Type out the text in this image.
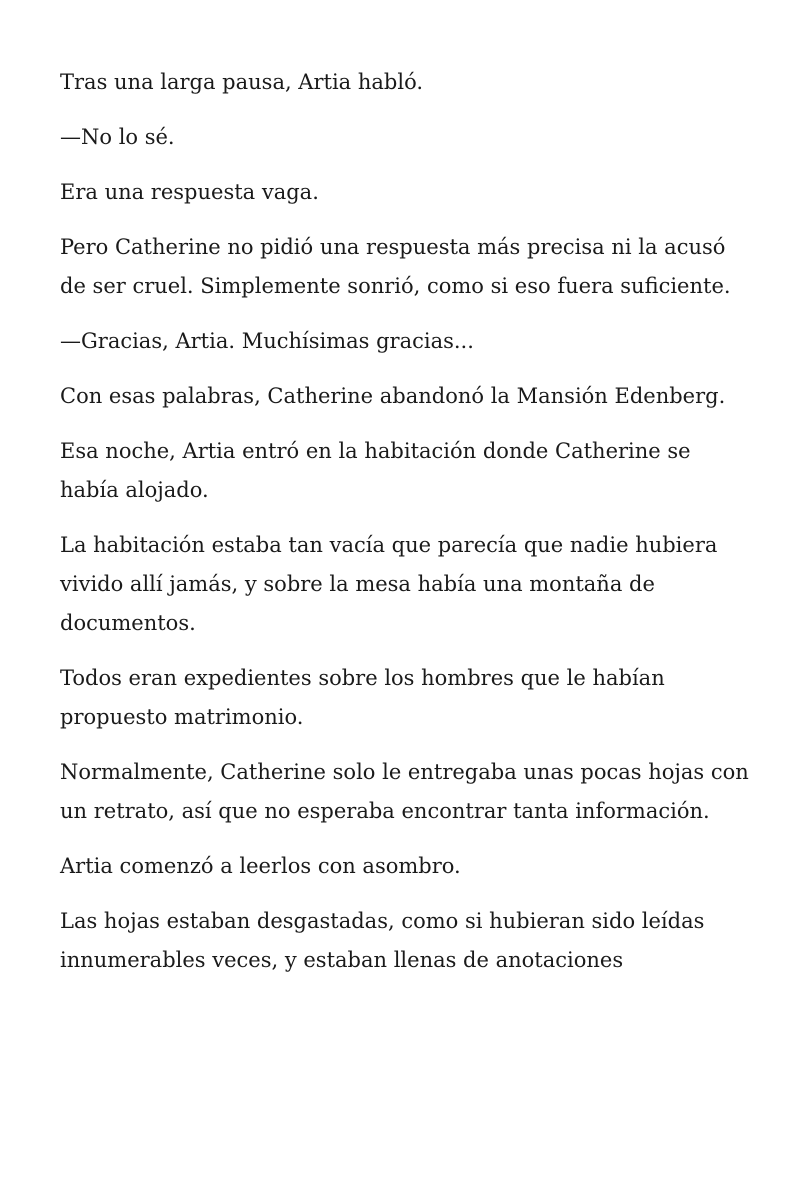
Tras una larga pausa, Artia habló.

—No lo sé.

Era una respuesta vaga.

Pero Catherine no pidió una respuesta más precisa ni la acusó de ser cruel. Simplemente sonrió, como si eso fuera suficiente.

—Gracias, Artia. Muchísimas gracias...

Con esas palabras, Catherine abandonó la Mansión Edenberg.

Esa noche, Artia entró en la habitación donde Catherine se había alojado.

La habitación estaba tan vacía que parecía que nadie hubiera vivido allí jamás, y sobre la mesa había una montaña de documentos.

Todos eran expedientes sobre los hombres que le habían propuesto matrimonio.

Normalmente, Catherine solo le entregaba unas pocas hojas con un retrato, así que no esperaba encontrar tanta información.

Artia comenzó a leerlos con asombro.

Las hojas estaban desgastadas, como si hubieran sido leídas innumerables veces, y estaban llenas de anotaciones
